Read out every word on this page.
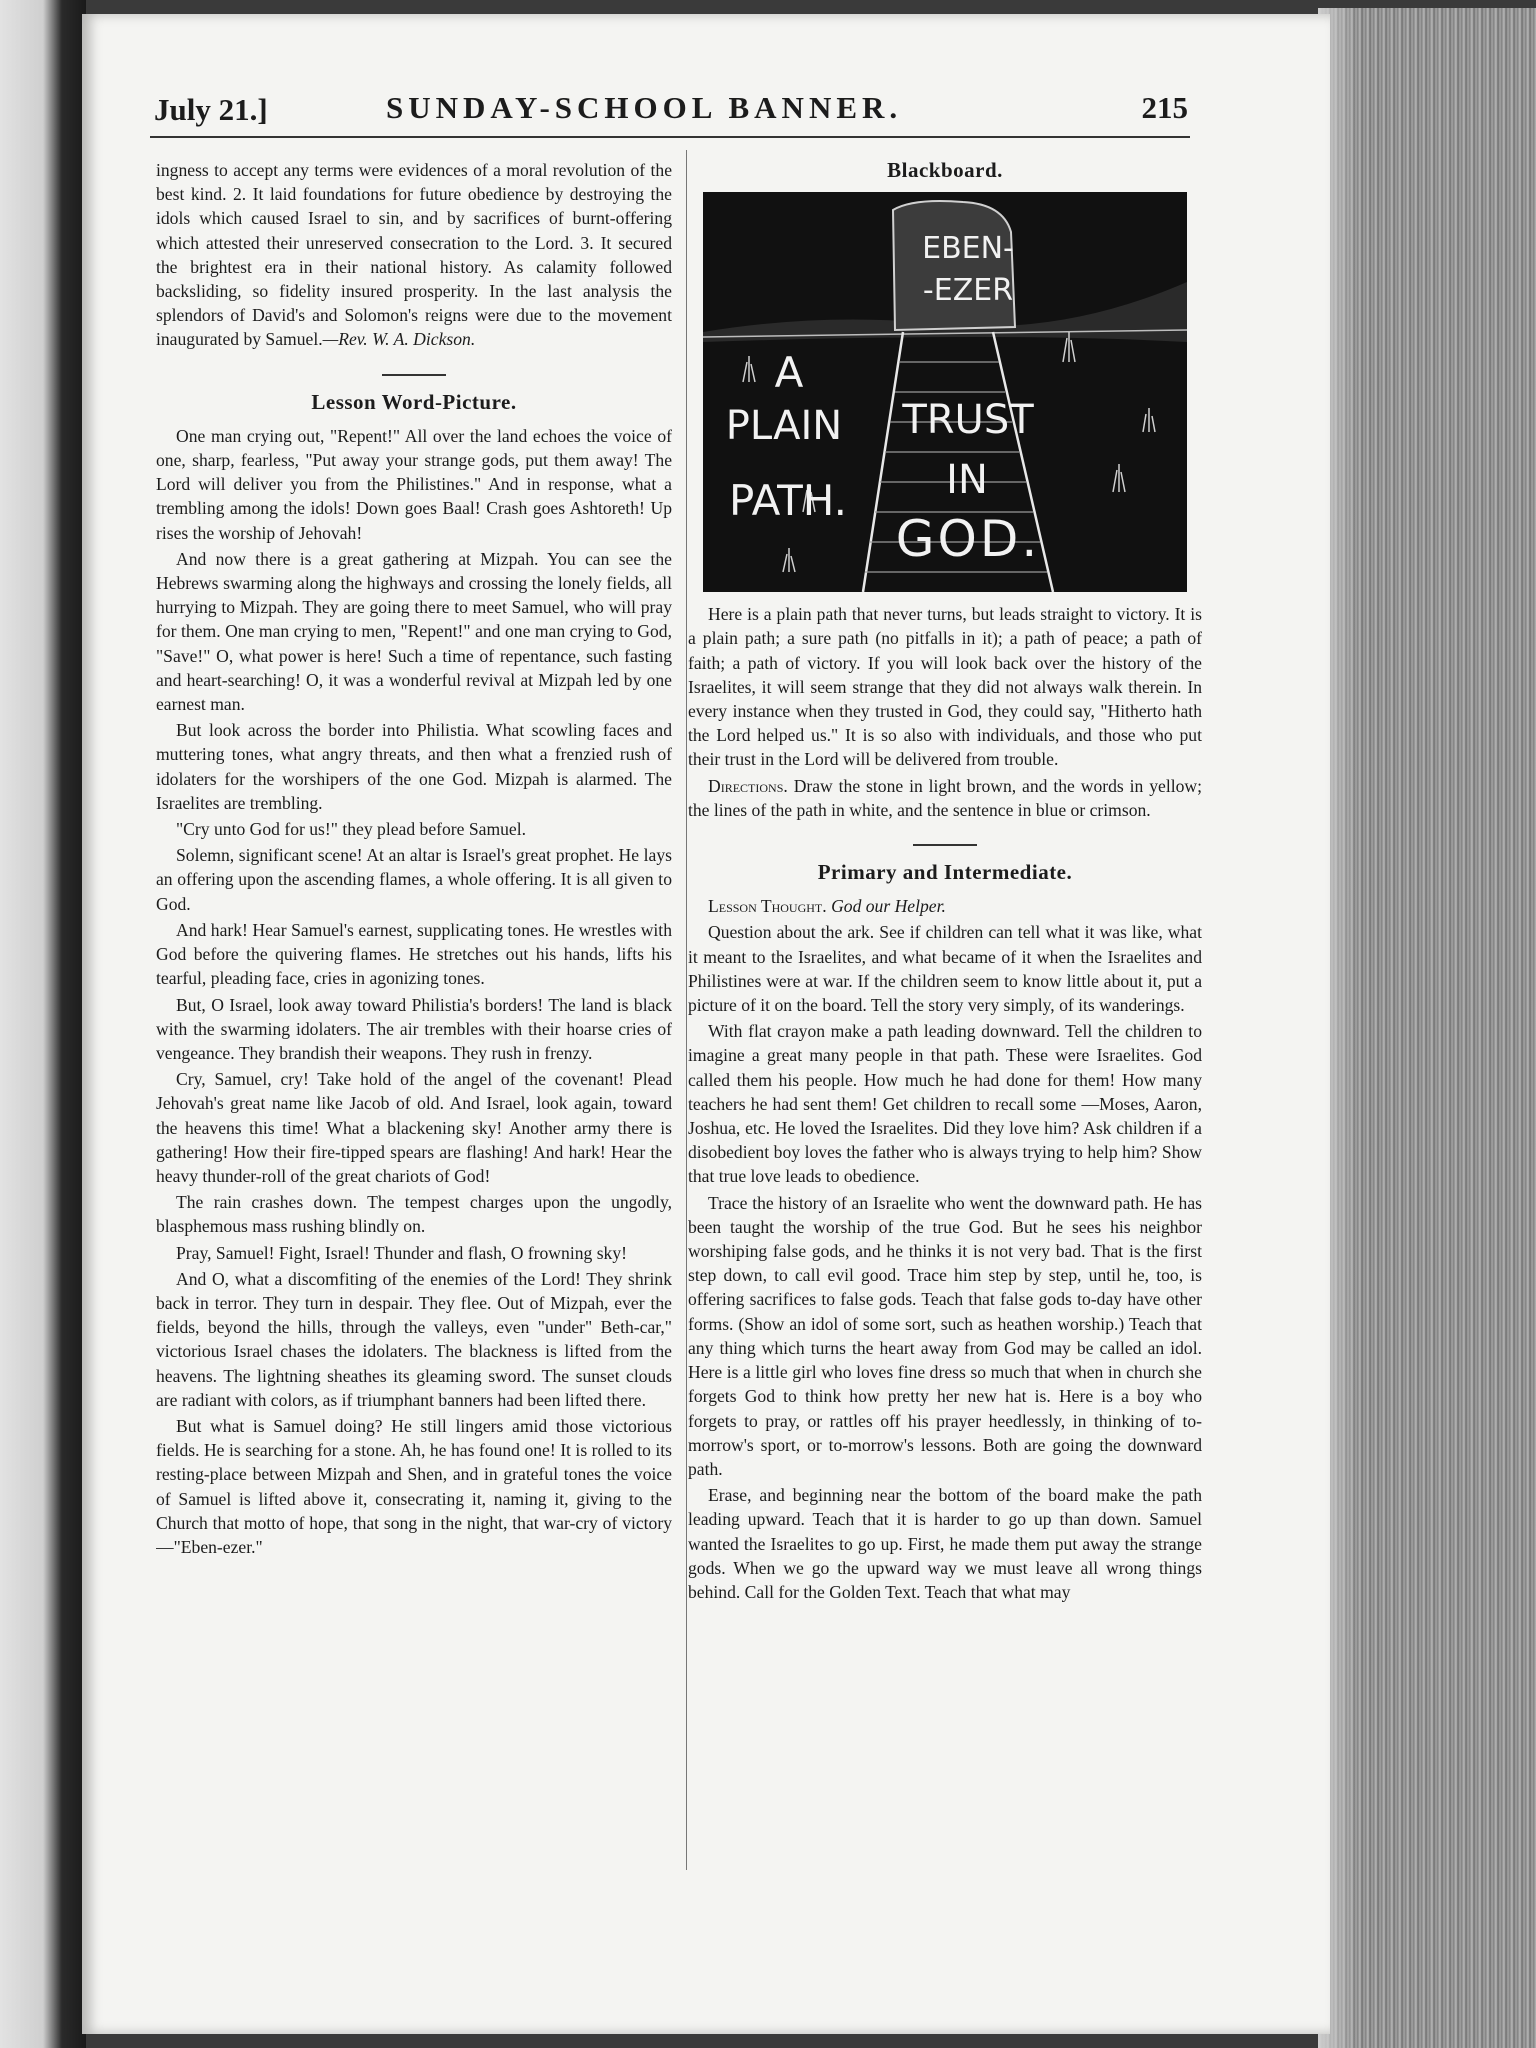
July 21.]	SUNDAY-SCHOOL BANNER.	215

ingness to accept any terms were evidences of a moral revolution of the best kind. 2. It laid foundations for future obedience by destroying the idols which caused Israel to sin, and by sacrifices of burnt-offering which attested their unreserved consecration to the Lord. 3. It secured the brightest era in their national history. As calamity followed backsliding, so fidelity insured prosperity. In the last analysis the splendors of David's and Solomon's reigns were due to the movement inaugurated by Samuel.—Rev. W. A. Dickson.

Lesson Word-Picture.

One man crying out, "Repent!" All over the land echoes the voice of one, sharp, fearless, "Put away your strange gods, put them away! The Lord will deliver you from the Philistines." And in response, what a trembling among the idols! Down goes Baal! Crash goes Ashtoreth! Up rises the worship of Jehovah!

And now there is a great gathering at Mizpah. You can see the Hebrews swarming along the highways and crossing the lonely fields, all hurrying to Mizpah. They are going there to meet Samuel, who will pray for them. One man crying to men, "Repent!" and one man crying to God, "Save!" O, what power is here! Such a time of repentance, such fasting and heart-searching! O, it was a wonderful revival at Mizpah led by one earnest man.

But look across the border into Philistia. What scowling faces and muttering tones, what angry threats, and then what a frenzied rush of idolaters for the worshipers of the one God. Mizpah is alarmed. The Israelites are trembling.

"Cry unto God for us!" they plead before Samuel.

Solemn, significant scene! At an altar is Israel's great prophet. He lays an offering upon the ascending flames, a whole offering. It is all given to God.

And hark! Hear Samuel's earnest, supplicating tones. He wrestles with God before the quivering flames. He stretches out his hands, lifts his tearful, pleading face, cries in agonizing tones.

But, O Israel, look away toward Philistia's borders! The land is black with the swarming idolaters. The air trembles with their hoarse cries of vengeance. They brandish their weapons. They rush in frenzy.

Cry, Samuel, cry! Take hold of the angel of the covenant! Plead Jehovah's great name like Jacob of old. And Israel, look again, toward the heavens this time! What a blackening sky! Another army there is gathering! How their fire-tipped spears are flashing! And hark! Hear the heavy thunder-roll of the great chariots of God!

The rain crashes down. The tempest charges upon the ungodly, blasphemous mass rushing blindly on.

Pray, Samuel! Fight, Israel! Thunder and flash, O frowning sky!

And O, what a discomfiting of the enemies of the Lord! They shrink back in terror. They turn in despair. They flee. Out of Mizpah, ever the fields, beyond the hills, through the valleys, even "under" Beth-car," victorious Israel chases the idolaters. The blackness is lifted from the heavens. The lightning sheathes its gleaming sword. The sunset clouds are radiant with colors, as if triumphant banners had been lifted there.

But what is Samuel doing? He still lingers amid those victorious fields. He is searching for a stone. Ah, he has found one! It is rolled to its resting-place between Mizpah and Shen, and in grateful tones the voice of Samuel is lifted above it, consecrating it, naming it, giving to the Church that motto of hope, that song in the night, that war-cry of victory—"Eben-ezer."

Blackboard.
EBEN-
-EZER
A
PLAIN
PATH.
TRUST
IN
GOD.

Here is a plain path that never turns, but leads straight to victory. It is a plain path; a sure path (no pitfalls in it); a path of peace; a path of faith; a path of victory. If you will look back over the history of the Israelites, it will seem strange that they did not always walk therein. In every instance when they trusted in God, they could say, "Hitherto hath the Lord helped us." It is so also with individuals, and those who put their trust in the Lord will be delivered from trouble.

Directions. Draw the stone in light brown, and the words in yellow; the lines of the path in white, and the sentence in blue or crimson.

Primary and Intermediate.

Lesson Thought. God our Helper.

Question about the ark. See if children can tell what it was like, what it meant to the Israelites, and what became of it when the Israelites and Philistines were at war. If the children seem to know little about it, put a picture of it on the board. Tell the story very simply, of its wanderings.

With flat crayon make a path leading downward. Tell the children to imagine a great many people in that path. These were Israelites. God called them his people. How much he had done for them! How many teachers he had sent them! Get children to recall some —Moses, Aaron, Joshua, etc. He loved the Israelites. Did they love him? Ask children if a disobedient boy loves the father who is always trying to help him? Show that true love leads to obedience.

Trace the history of an Israelite who went the downward path. He has been taught the worship of the true God. But he sees his neighbor worshiping false gods, and he thinks it is not very bad. That is the first step down, to call evil good. Trace him step by step, until he, too, is offering sacrifices to false gods. Teach that false gods to-day have other forms. (Show an idol of some sort, such as heathen worship.) Teach that any thing which turns the heart away from God may be called an idol. Here is a little girl who loves fine dress so much that when in church she forgets God to think how pretty her new hat is. Here is a boy who forgets to pray, or rattles off his prayer heedlessly, in thinking of to-morrow's sport, or to-morrow's lessons. Both are going the downward path.

Erase, and beginning near the bottom of the board make the path leading upward. Teach that it is harder to go up than down. Samuel wanted the Israelites to go up. First, he made them put away the strange gods. When we go the upward way we must leave all wrong things behind. Call for the Golden Text. Teach that what may
